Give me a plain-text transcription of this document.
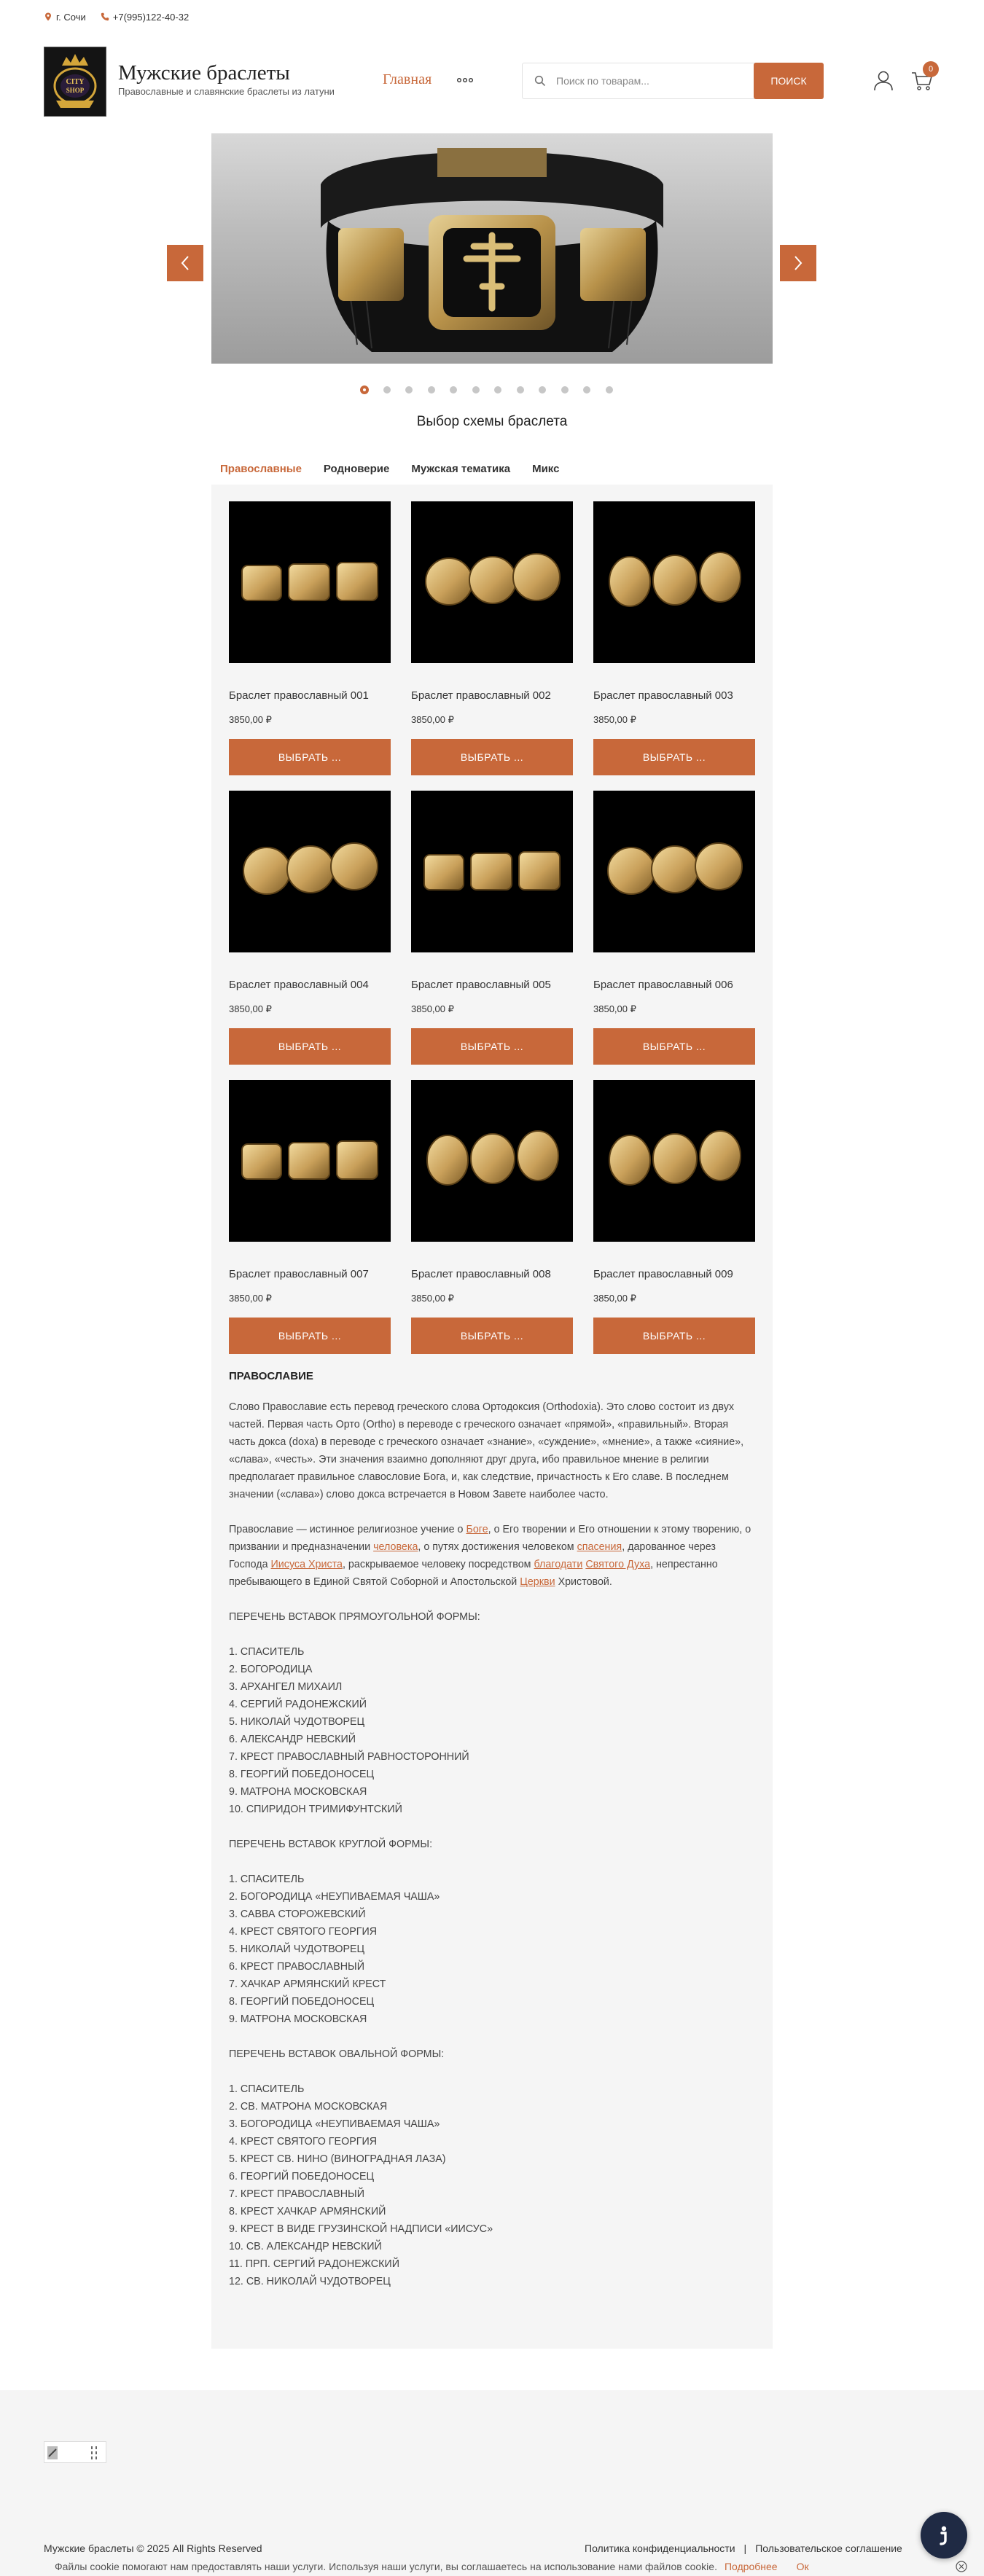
г. Сочи	+7(995)122-40-32
CITY
SHOP
Мужские браслеты
Православные и славянские браслеты из латуни
Главная
Поиск по товарам...	ПОИСК
0
Выбор схемы браслета
Православные Родноверие Мужская тематика Микс
Браслет православный 001
3850,00 ₽
ВЫБРАТЬ ...
Браслет православный 002
3850,00 ₽
ВЫБРАТЬ ...
Браслет православный 003
3850,00 ₽
ВЫБРАТЬ ...
Браслет православный 004
3850,00 ₽
ВЫБРАТЬ ...
Браслет православный 005
3850,00 ₽
ВЫБРАТЬ ...
Браслет православный 006
3850,00 ₽
ВЫБРАТЬ ...
Браслет православный 007
3850,00 ₽
ВЫБРАТЬ ...
Браслет православный 008
3850,00 ₽
ВЫБРАТЬ ...
Браслет православный 009
3850,00 ₽
ВЫБРАТЬ ...
ПРАВОСЛАВИЕ

Слово Православие есть перевод греческого слова Ортодоксия (Orthodoxia). Это слово состоит из двух частей. Первая часть Орто (Ortho) в переводе с греческого означает «прямой», «правильный». Вторая часть докса (doxa) в переводе с греческого означает «знание», «суждение», «мнение», а также «сияние», «слава», «честь». Эти значения взаимно дополняют друг друга, ибо правильное мнение в религии предполагает правильное славословие Бога, и, как следствие, причастность к Его славе. В последнем значении («слава») слово докса встречается в Новом Завете наиболее часто.

Православие — истинное религиозное учение о Боге, о Его творении и Его отношении к этому творению, о призвании и предназначении человека, о путях достижения человеком спасения, дарованное через Господа Иисуса Христа, раскрываемое человеку посредством благодати Святого Духа, непрестанно пребывающего в Единой Святой Соборной и Апостольской Церкви Христовой.

ПЕРЕЧЕНЬ ВСТАВОК ПРЯМОУГОЛЬНОЙ ФОРМЫ:
1. СПАСИТЕЛЬ
2. БОГОРОДИЦА
3. АРХАНГЕЛ МИХАИЛ
4. СЕРГИЙ РАДОНЕЖСКИЙ
5. НИКОЛАЙ ЧУДОТВОРЕЦ
6. АЛЕКСАНДР НЕВСКИЙ
7. КРЕСТ ПРАВОСЛАВНЫЙ РАВНОСТОРОННИЙ
8. ГЕОРГИЙ ПОБЕДОНОСЕЦ
9. МАТРОНА МОСКОВСКАЯ
10. СПИРИДОН ТРИМИФУНТСКИЙ
ПЕРЕЧЕНЬ ВСТАВОК КРУГЛОЙ ФОРМЫ:
1. СПАСИТЕЛЬ
2. БОГОРОДИЦА «НЕУПИВАЕМАЯ ЧАША»
3. САВВА СТОРОЖЕВСКИЙ
4. КРЕСТ СВЯТОГО ГЕОРГИЯ
5. НИКОЛАЙ ЧУДОТВОРЕЦ
6. КРЕСТ ПРАВОСЛАВНЫЙ
7. ХАЧКАР АРМЯНСКИЙ КРЕСТ
8. ГЕОРГИЙ ПОБЕДОНОСЕЦ
9. МАТРОНА МОСКОВСКАЯ
ПЕРЕЧЕНЬ ВСТАВОК ОВАЛЬНОЙ ФОРМЫ:
1. СПАСИТЕЛЬ
2. СВ. МАТРОНА МОСКОВСКАЯ
3. БОГОРОДИЦА «НЕУПИВАЕМАЯ ЧАША»
4. КРЕСТ СВЯТОГО ГЕОРГИЯ
5. КРЕСТ СВ. НИНО (ВИНОГРАДНАЯ ЛАЗА)
6. ГЕОРГИЙ ПОБЕДОНОСЕЦ
7. КРЕСТ ПРАВОСЛАВНЫЙ
8. КРЕСТ ХАЧКАР АРМЯНСКИЙ
9. КРЕСТ В ВИДЕ ГРУЗИНСКОЙ НАДПИСИ «ИИСУС»
10. СВ. АЛЕКСАНДР НЕВСКИЙ
11. ПРП. СЕРГИЙ РАДОНЕЖСКИЙ
12. СВ. НИКОЛАЙ ЧУДОТВОРЕЦ
Мужские браслеты © 2025 All Rights Reserved	Политика конфиденциальности | Пользовательское соглашение
Файлы cookie помогают нам предоставлять наши услуги. Используя наши услуги, вы соглашаетесь на использование нами файлов cookie. Подробнее Ок
